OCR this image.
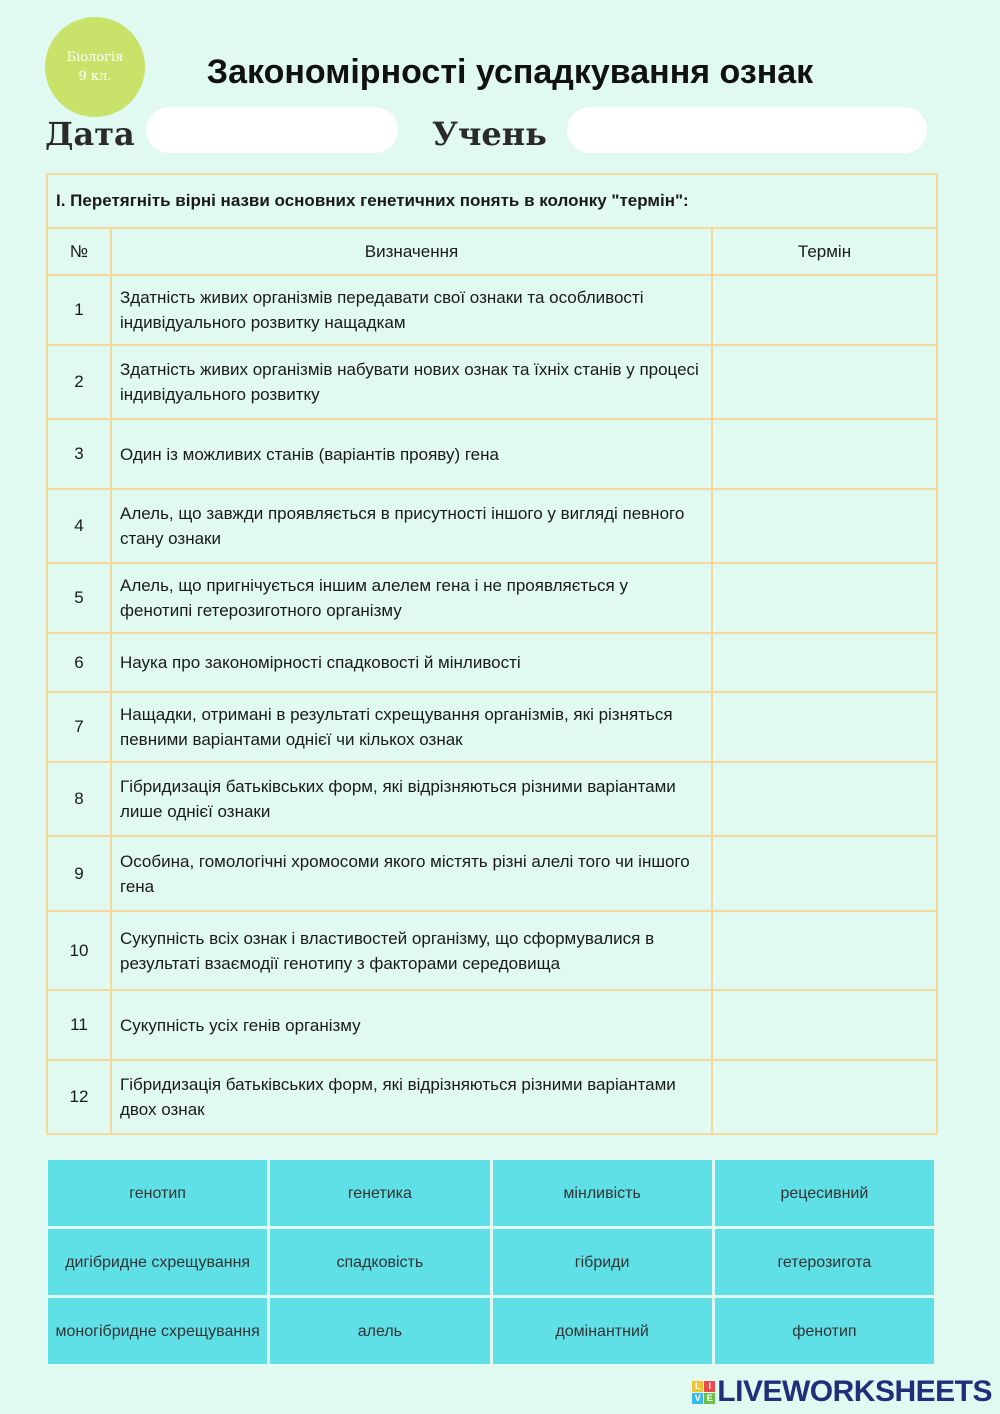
Біологія
9 кл.	Закономірності успадкування ознак
Дата	Учень
І. Перетягніть вірні назви основних генетичних понять в колонку "термін":		
№	Визначення	Термін
1	Здатність живих організмів передавати свої ознаки та особливості індивідуального розвитку нащадкам	
2	Здатність живих організмів набувати нових ознак та їхніх станів у процесі індивідуального розвитку	
3	Один із можливих станів (варіантів прояву) гена	
4	Алель, що завжди проявляється в присутності іншого у вигляді певного стану ознаки	
5	Алель, що пригнічується іншим алелем гена і не проявляється у фенотипі гетерозиготного організму	
6	Наука про закономірності спадковості й мінливості	
7	Нащадки, отримані в результаті схрещування організмів, які різняться певними варіантами однієї чи кількох ознак	
8	Гібридизація батьківських форм, які відрізняються різними варіантами лише однієї ознаки	
9	Особина, гомологічні хромосоми якого містять різні алелі того чи іншого гена	
10	Сукупність всіх ознак і властивостей організму, що сформувалися в результаті взаємодії генотипу з факторами середовища	
11	Сукупність усіх генів організму	
12	Гібридизація батьківських форм, які відрізняються різними варіантами двох ознак	
генотип	генетика	мінливість	рецесивний
дигібридне схрещування	спадковість	гібриди	гетерозигота
моногібридне схрещування	алель	домінантний	фенотип
L I
V E LIVEWORKSHEETS
